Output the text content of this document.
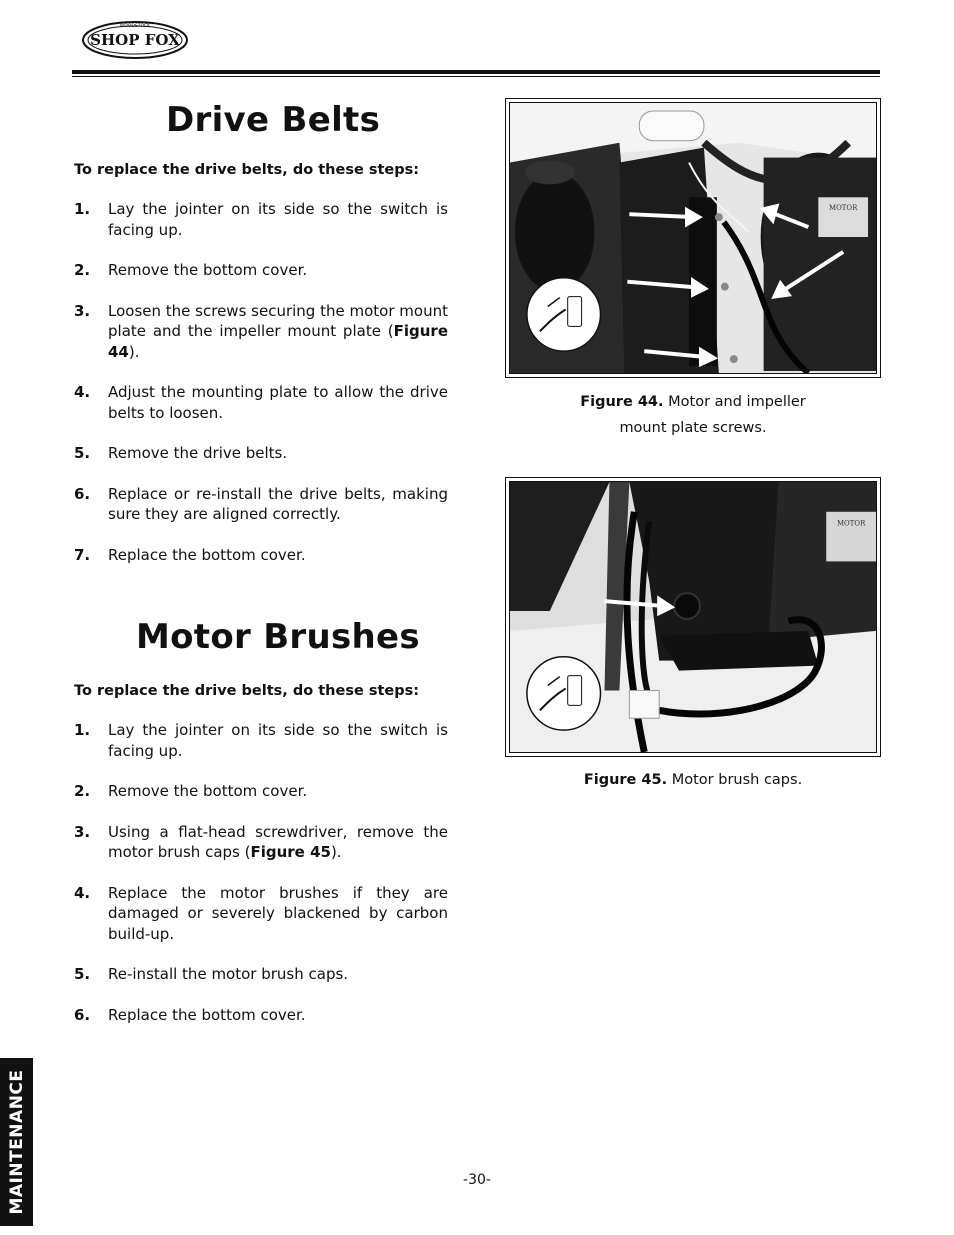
WOODSTOCK
SHOP FOX
Drive Belts

To replace the drive belts, do these steps:

1. Lay the jointer on its side so the switch is facing up.
2. Remove the bottom cover.
3. Loosen the screws securing the motor mount plate and the impeller mount plate (Figure 44).
4. Adjust the mounting plate to allow the drive belts to loosen.
5. Remove the drive belts.
6. Replace or re-install the drive belts, making sure they are aligned correctly.
7. Replace the bottom cover.
Motor Brushes

To replace the drive belts, do these steps:

1. Lay the jointer on its side so the switch is facing up.
2. Remove the bottom cover.
3. Using a flat-head screwdriver, remove the motor brush caps (Figure 45).
4. Replace the motor brushes if they are damaged or severely blackened by carbon build-up.
5. Re-install the motor brush caps.
6. Replace the bottom cover.
MOTOR
Figure 44. Motor and impeller
mount plate screws.
MOTOR
Figure 45. Motor brush caps.
MAINTENANCE	-30-
